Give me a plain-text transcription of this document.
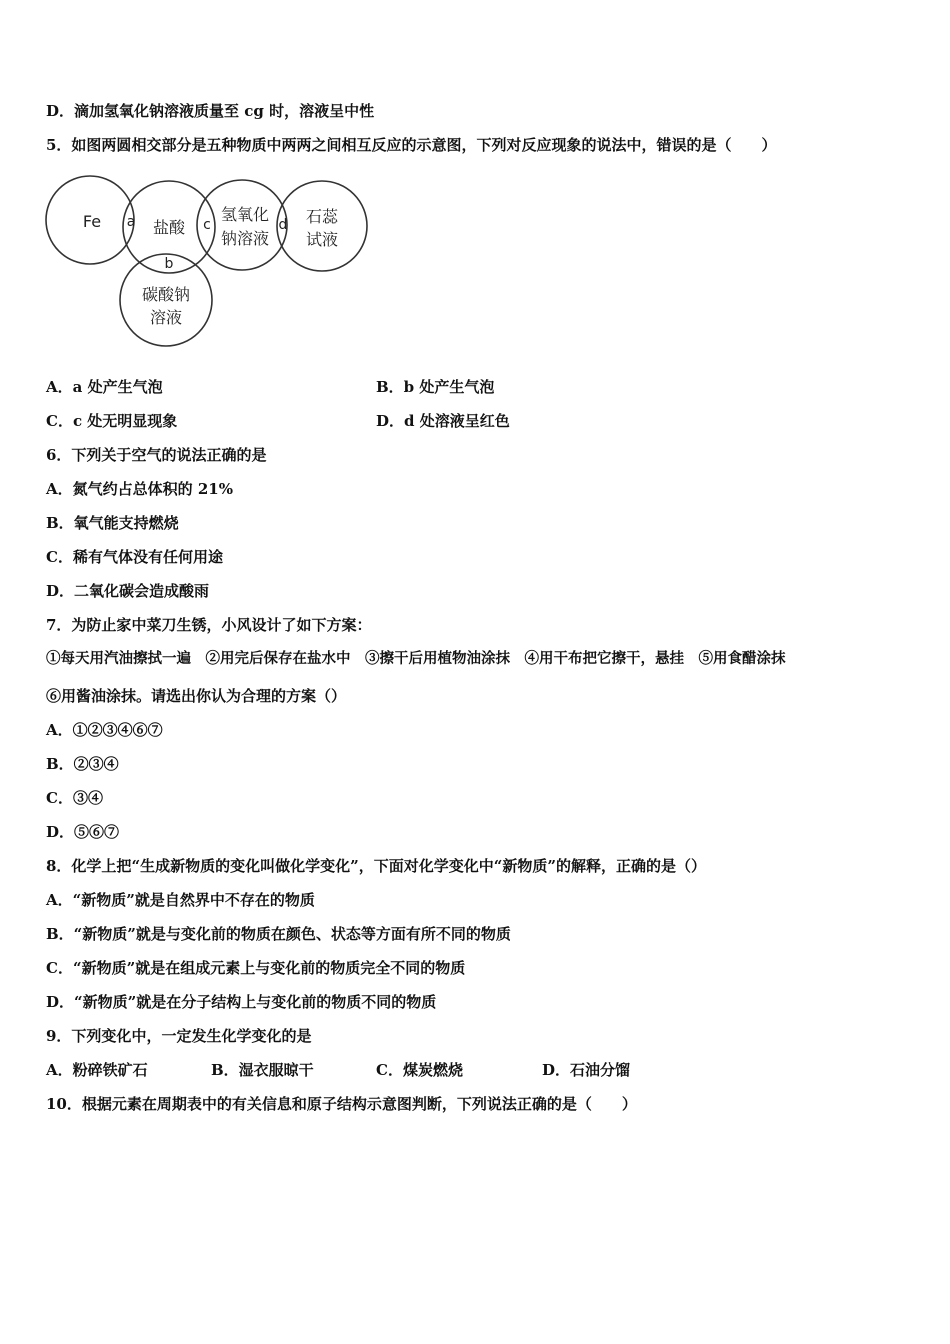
D．滴加氢氧化钠溶液质量至 cg 时，溶液呈中性
5．如图两圆相交部分是五种物质中两两之间相互反应的示意图，下列对反应现象的说法中，错误的是（　　）
Fe	盐酸
氢氧化
钠溶液
石蕊
试液
碳酸钠
溶液
a
b
c	d
A．a 处产生气泡	B．b 处产生气泡
C．c 处无明显现象	D．d 处溶液呈红色
6．下列关于空气的说法正确的是
A．氮气约占总体积的 21%
B．氧气能支持燃烧
C．稀有气体没有任何用途
D．二氧化碳会造成酸雨
7．为防止家中菜刀生锈，小风设计了如下方案：
①每天用汽油擦拭一遍　②用完后保存在盐水中　③擦干后用植物油涂抹　④用干布把它擦干，悬挂　⑤用食醋涂抹
⑥用酱油涂抹。请选出你认为合理的方案（）
A．①②③④⑥⑦
B．②③④
C．③④
D．⑤⑥⑦
8．化学上把“生成新物质的变化叫做化学变化”，下面对化学变化中“新物质”的解释，正确的是（）
A．“新物质”就是自然界中不存在的物质
B．“新物质”就是与变化前的物质在颜色、状态等方面有所不同的物质
C．“新物质”就是在组成元素上与变化前的物质完全不同的物质
D．“新物质”就是在分子结构上与变化前的物质不同的物质
9．下列变化中，一定发生化学变化的是
A．粉碎铁矿石	B．湿衣服晾干	C．煤炭燃烧	D．石油分馏
10．根据元素在周期表中的有关信息和原子结构示意图判断，下列说法正确的是（　　）
